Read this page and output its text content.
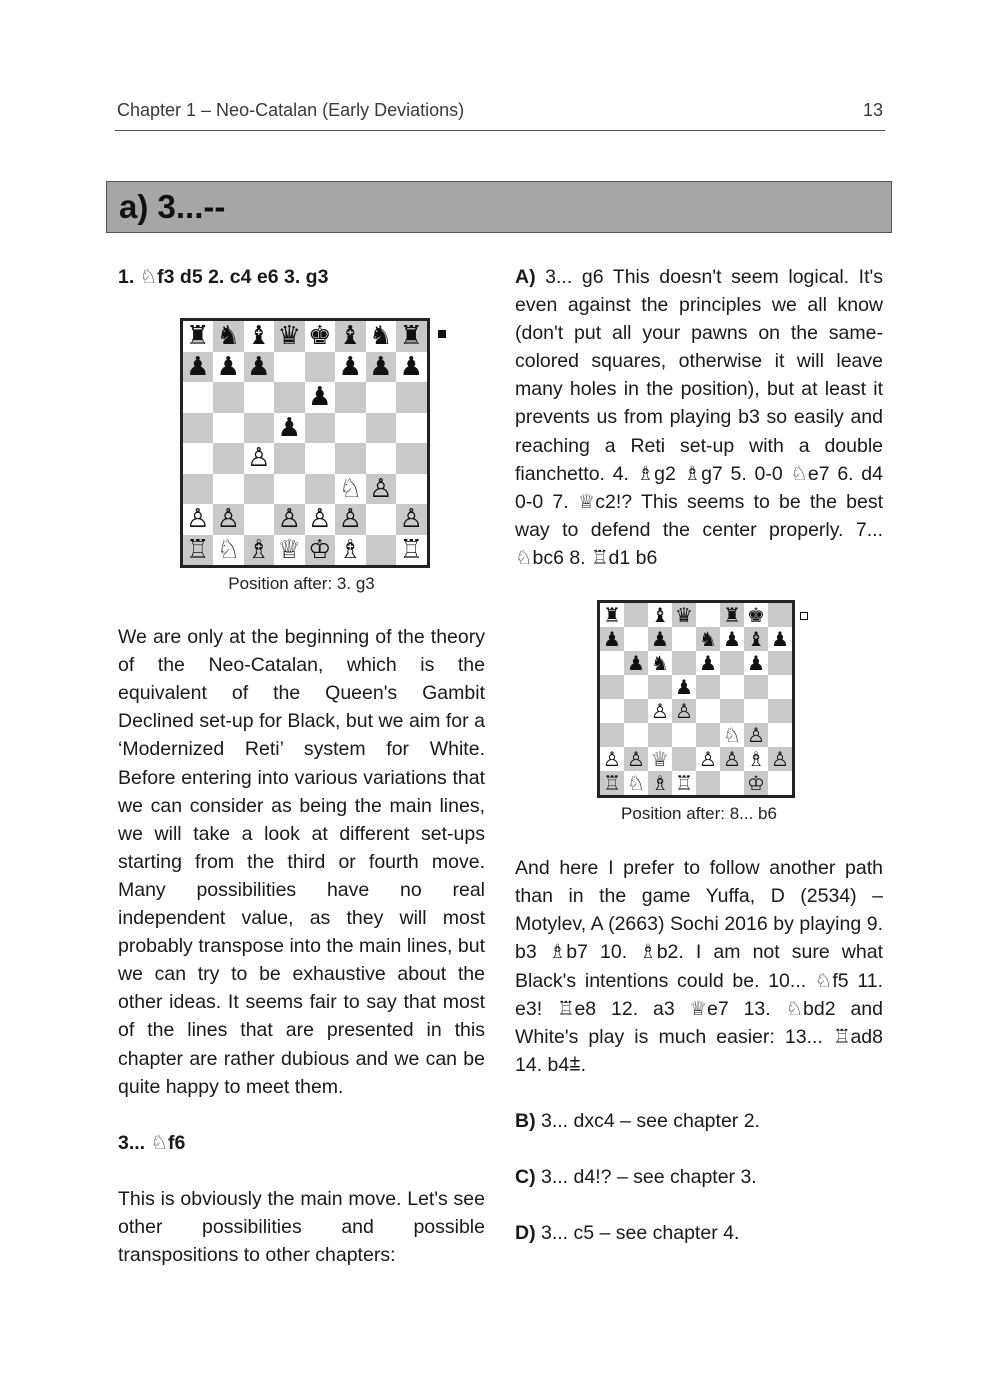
Chapter 1 – Neo-Catalan (Early Deviations)	13
a) 3...--

1. ♘f3 d5 2. c4 e6 3. g3

♜ ♞ ♝ ♛ ♚ ♝ ♞ ♜
♟ ♟ ♟	♟ ♟ ♟
♟
♟
♙
♘ ♙
♙ ♙ ♙ ♙ ♙ ♙
♖ ♘ ♗ ♕ ♔ ♗ ♖
Position after: 3. g3

We are only at the beginning of the theory of the Neo-Catalan, which is the equivalent of the Queen's Gambit Declined set-up for Black, but we aim for a ‘Modernized Reti’ system for White. Before entering into various variations that we can consider as being the main lines, we will take a look at different set-ups starting from the third or fourth move. Many possibilities have no real independent value, as they will most probably transpose into the main lines, but we can try to be exhaustive about the other ideas. It seems fair to say that most of the lines that are presented in this chapter are rather dubious and we can be quite happy to meet them.

3... ♘f6

This is obviously the main move. Let's see other possibilities and possible transpositions to other chapters:

A) 3... g6 This doesn't seem logical. It's even against the principles we all know (don't put all your pawns on the same-colored squares, otherwise it will leave many holes in the position), but at least it prevents us from playing b3 so easily and reaching a Reti set-up with a double fianchetto. 4. ♗g2 ♗g7 5. 0-0 ♘e7 6. d4 0-0 7. ♕c2!? This seems to be the best way to defend the center properly. 7... ♘bc6 8. ♖d1 b6

♜ ♝ ♛ ♜ ♚
♟ ♟ ♞ ♟ ♝ ♟
♟ ♞ ♟ ♟
♟
♙ ♙
♘ ♙
♙ ♙ ♕ ♙ ♙ ♗ ♙
♖ ♘ ♗ ♖	♔
Position after: 8... b6

And here I prefer to follow another path than in the game Yuffa, D (2534) – Motylev, A (2663) Sochi 2016 by playing 9. b3 ♗b7 10. ♗b2. I am not sure what Black's intentions could be. 10... ♘f5 11. e3! ♖e8 12. a3 ♕e7 13. ♘bd2 and White's play is much easier: 13... ♖ad8 14. b4⩲.

B) 3... dxc4 – see chapter 2.

C) 3... d4!? – see chapter 3.

D) 3... c5 – see chapter 4.
